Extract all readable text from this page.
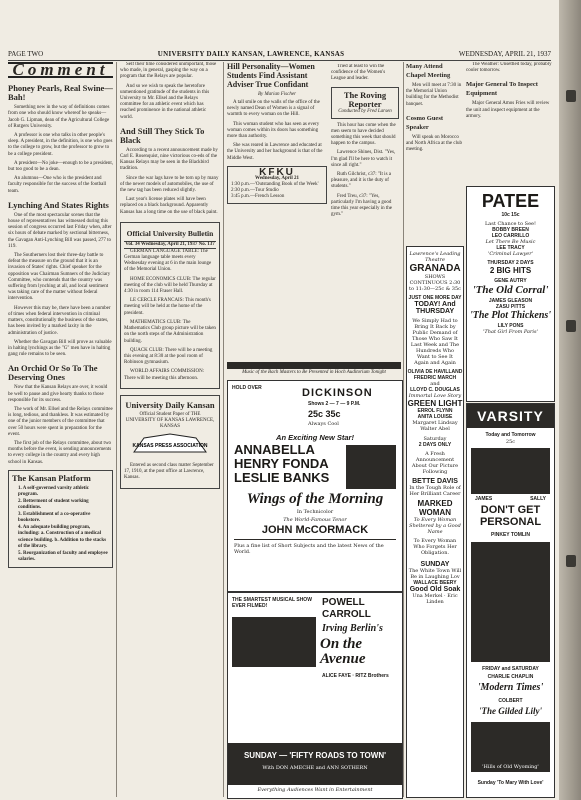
PAGE TWO	UNIVERSITY DAILY KANSAN, LAWRENCE, KANSAS	WEDNESDAY, APRIL 21, 1937
Comment
Phoney Pearls, Real Swine—Bah!

Something new in the way of definitions comes from one who should know whereof he speaks—Jacob G. Lipman, dean of the Agricultural College of Rutgers University.

A professor is one who talks in other people's sleep. A president, in the definition, is one who goes to the college to grow, but the professor to grow to be a college president.

A president—No joke—enough to be a president, but too good to be a dean.

An alumnus—One who is the president and faculty responsible for the success of the football team.

Lynching And States Rights

One of the most spectacular scenes that the house of representatives has witnessed during this session of congress occurred last Friday when, after six hours of debate marked by sectional bitterness, the Gavagan Anti-Lynching Bill was passed, 277 to 119.

The Southerners lost their three-day battle to defeat the measure on the ground that it is an invasion of States' rights. Chief speaker for the opposition was Chairman Sumners of the Judiciary Committee, who contends that the country was suffering from lynching at all, and local sentiment was taking care of the matter without federal intervention.

However this may be, there have been a number of times when federal intervention in criminal matters, constitutionally the business of the states, has been invited by a marked laxity in the administration of justice.

Whether the Gavagan Bill will prove as valuable in halting lynchings as the "G" men have in halting gang rule remains to be seen.

An Orchid Or So To The Deserving Ones

Now that the Kansan Relays are over, it would be well to pause and give hearty thanks to those responsible for its success.

The work of Mr. Ellsel and the Relays committee is long, tedious, and thankless. It was estimated by one of the junior members of the committee that over 50 hours were spent in preparation for the event.

The first job of the Relays committee, about two months before the event, is sending announcements to every college in the country and every high school in Kansas.

The Kansan Platform
1. A self-governed varsity athletic program.
2. Betterment of student working conditions.
3. Establishment of a co-operative bookstore.
4. An adequate building program, including: a. Construction of a medical science building. b. Addition to the stacks of the library.
5. Reorganization of faculty and employee salaries.

Self their time considered unimportant, those who made, in general, gasping the way on a program that the Relays are popular.

And so we wish to speak the heretofore unmentioned gratitude of the students in this University to Mr. Ellsel and the Relays committee for an athletic event which has reached prominence in the national athletic world.

And Still They Stick To Black

According to a recent announcement made by Carl E. Rosenquist, nine victorious co-eds of the Kansas Relays may be seen in the Blackbird tradition.

Since the war lags have to be torn up by many of the newer models of automobiles, the use of the new tag has been reduced slightly.

Last year's license plates will have been replaced on a black background. Apparently Kansas has a long time on the use of black paint.

Official University Bulletin
Vol. 34 Wednesday, April 21, 1937 No. 137

GERMAN LANGUAGE TABLE: The German language table meets every Wednesday evening at 6 in the main lounge of the Memorial Union.

HOME ECONOMICS CLUB: The regular meeting of the club will be held Thursday at 4:30 in room 114 Fraser Hall.

LE CERCLE FRANCAIS: This month's meeting will be held at the home of the president.

MATHEMATICS CLUB: The Mathematics Club group picture will be taken on the north steps of the Administration building.

QUACK CLUB: There will be a meeting this evening at 8:30 at the pool room of Robinson gymnasium.

WORLD AFFAIRS COMMISSION: There will be meeting this afternoon.

University Daily Kansan
Official Student Paper of THE UNIVERSITY OF KANSAS LAWRENCE, KANSAS
KANSAS PRESS ASSOCIATION

Entered as second class matter September 17, 1910, at the post office at Lawrence, Kansas.

Hill Personality—Women Students Find Assistant Adviser True Confidant
By Marian Fischer

A tall smile on the walls of the office of the newly named Dean of Women is a signal of warmth to every woman on the Hill.

This woman student who has seen as every woman comes within its doors has something more than authority.

She was reared in Lawrence and educated at the University and her background is that of the Middle West.

KFKU
Wednesday, April 21
1:30 p.m.—'Outstanding Book of the Week'
2:30 p.m.—Tour Studio
3:45 p.m.—French Lesson

Tried at least to win the confidence of the Women's League and leader.

The Roving Reporter
Conducted by Fred Larsen

This hour has come when the men seem to have decided something this week that should happen to the campus.

Lawrence Shines, Dist. "Yes, I'm glad I'll be here to watch it since all right."

Ruth Gilchrist, c37: "It is a pleasure, and it is the duty of students."

Fred Treu, c37: "Yes, particularly I'm having a good time this year especially in the gym."

Music of the Bach Masters to Be Presented in Hoch Auditorium Tonight
HOLD OVER	DICKINSON
Shows 2 — 7 — 9 P.M.
25c 35c
Always Cool
An Exciting New Star!
ANNABELLA
HENRY FONDA
LESLIE BANKS
Wings of the Morning
In Technicolor
The World-Famous Tenor
JOHN McCORMACK
Plus a fine list of Short Subjects and the latest News of the World.
THE SMARTEST MUSICAL SHOW EVER FILMED!	POWELL
CARROLL
Irving Berlin's
On the Avenue
ALICE FAYE · RITZ Brothers
SUNDAY — 'FIFTY ROADS TO TOWN'
With DON AMECHE and ANN SOTHERN
Everything Audiences Want in Entertainment
Many Attend Chapel Meeting

Men will meet at 7:30 in the Memorial Union building for the Methodist banquet.

Cosmo Guest Speaker

Will speak on Morocco and North Africa at the club meeting.

The Weather: Unsettled today, probably cooler tomorrow.

Major General To Inspect Equipment

Major General Amos Fries will review the unit and inspect equipment at the armory.

Lawrence's Leading Theatre
GRANADA
SHOWS CONTINUOUS 2:30 to 11:30—25c & 35c
JUST ONE MORE DAY
TODAY! And THURSDAY
We Simply Had to Bring It Back by Public Demand of Those Who Saw It Last Week and The Hundreds Who Want to See It Again and Again
OLIVIA DE HAVILLAND
FREDRIC MARCH
and
LLOYD C. DOUGLAS
Immortal Love Story
GREEN LIGHT
ERROL FLYNN
ANITA LOUISE
Margaret Lindsay
Walter Abel
Saturday
2 DAYS ONLY
A Fresh Announcement About Our Picture Following
BETTE DAVIS
In the Tough Role of Her Brilliant Career
MARKED WOMAN
To Every Woman Sheltered by a Good Name
To Every Woman Who Forgets Her Obligation.
SUNDAY
The White Town Will Be in Laughing Lov
WALLACE BEERY
Good Old Soak
Una Merkel · Eric Linden
PATEE
10c 15c
Last Chance to See!
BOBBY BREEN
LEO CARRILLO
Let There Be Music
LEE TRACY
'Criminal Lawyer'
THURSDAY 2 DAYS
2 BIG HITS
GENE AUTRY
'The Old Corral'
JAMES GLEASON
ZASU PITTS
'The Plot Thickens'
LILY PONS
'That Girl From Paris'
VARSITY
Today and Tomorrow
25c
JAMES	SALLY
DON'T GET PERSONAL
PINKEY TOMLIN
FRIDAY and SATURDAY
CHARLIE CHAPLIN
'Modern Times'
COLBERT
'The Gilded Lily'
'Hills of Old Wyoming'
Sunday 'To Mary With Love'
